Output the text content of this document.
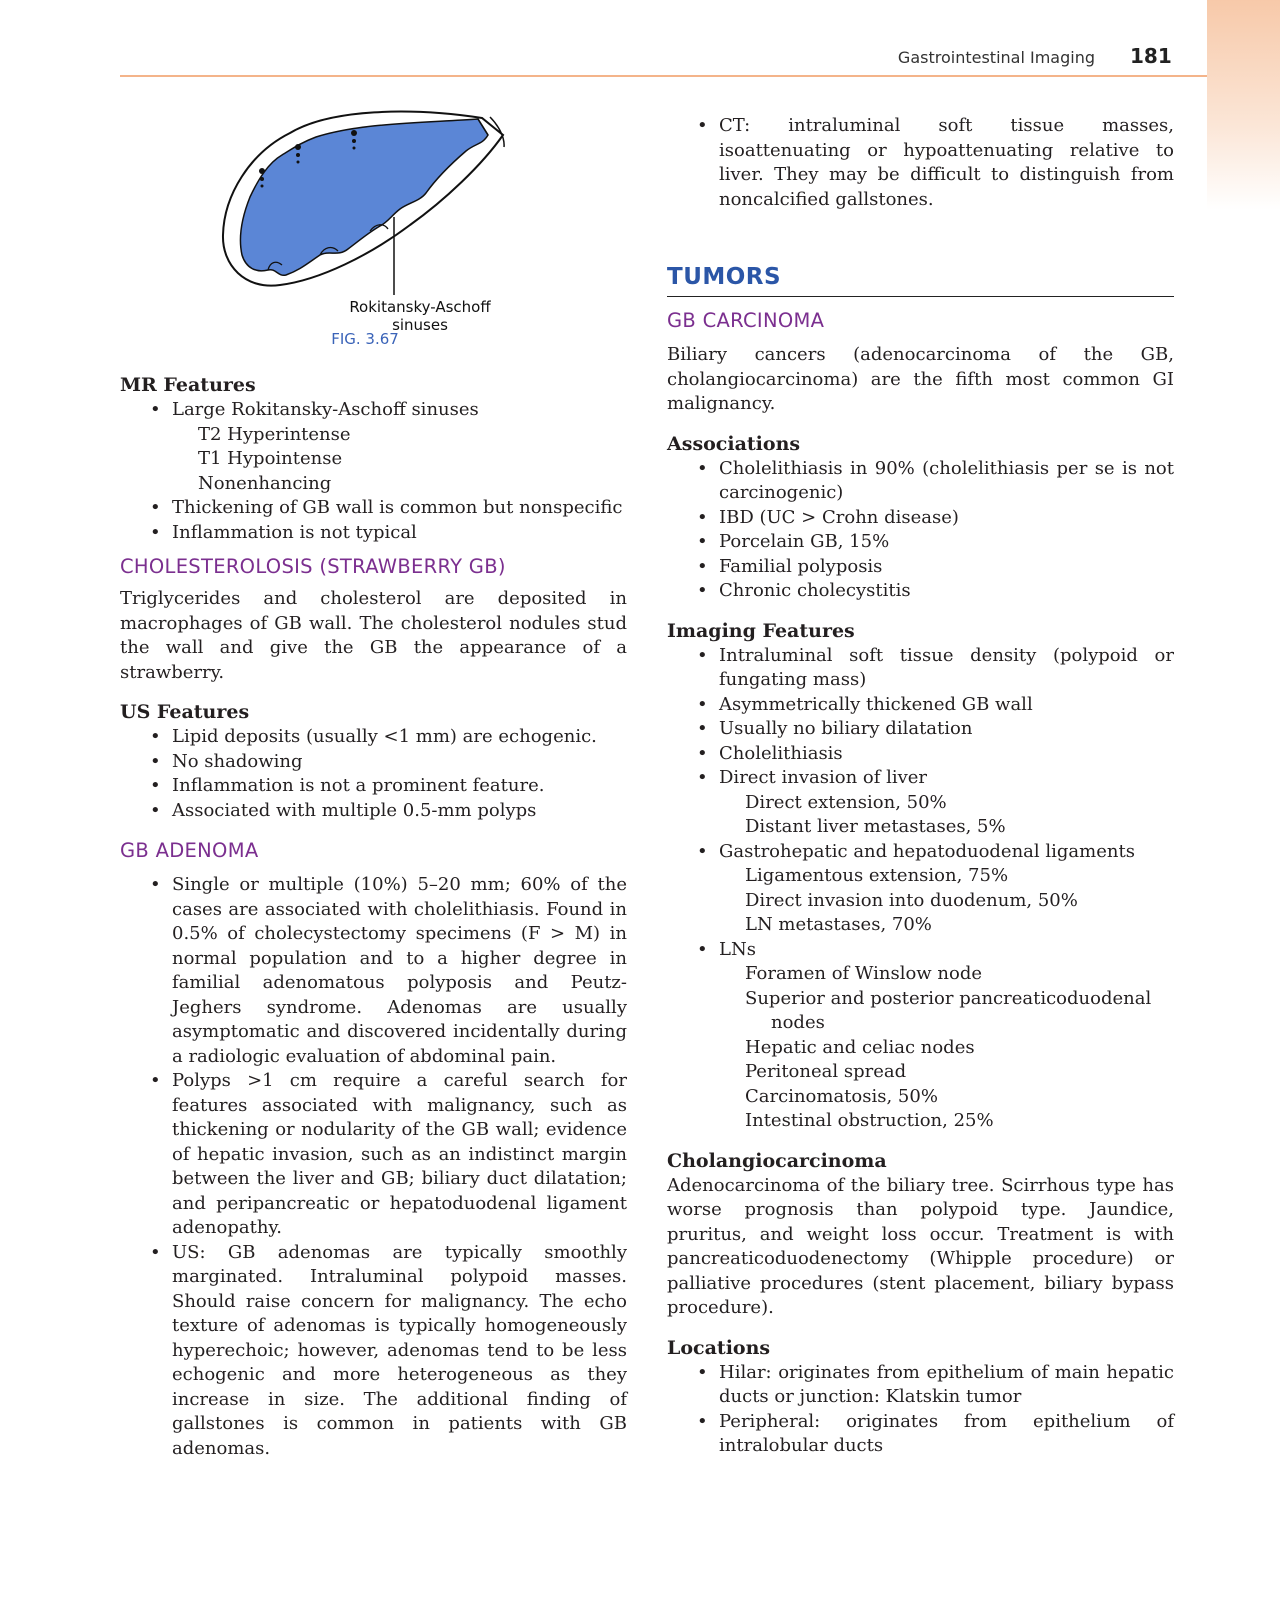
Gastrointestinal Imaging 181
Rokitansky-Aschoff sinuses
FIG. 3.67

MR Features

• Large Rokitansky-Aschoff sinuses
T2 Hyperintense
T1 Hypointense
Nonenhancing
• Thickening of GB wall is common but nonspecific
• Inflammation is not typical

CHOLESTEROLOSIS (STRAWBERRY GB)

Triglycerides and cholesterol are deposited in macrophages of GB wall. The cholesterol nodules stud the wall and give the GB the appearance of a strawberry.

US Features

• Lipid deposits (usually <1 mm) are echogenic.
• No shadowing
• Inflammation is not a prominent feature.
• Associated with multiple 0.5-mm polyps

GB ADENOMA

• Single or multiple (10%) 5–20 mm; 60% of the cases are associated with cholelithiasis. Found in 0.5% of cholecystectomy specimens (F > M) in normal population and to a higher degree in familial adenomatous polyposis and Peutz-Jeghers syndrome. Adenomas are usually asymptomatic and discovered incidentally during a radiologic evaluation of abdominal pain.
• Polyps >1 cm require a careful search for features associated with malignancy, such as thickening or nodularity of the GB wall; evidence of hepatic invasion, such as an indistinct margin between the liver and GB; biliary duct dilatation; and peripancreatic or hepatoduodenal ligament adenopathy.
• US: GB adenomas are typically smoothly marginated. Intraluminal polypoid masses. Should raise concern for malignancy. The echo texture of adenomas is typically homogeneously hyperechoic; however, adenomas tend to be less echogenic and more heterogeneous as they increase in size. The additional finding of gallstones is common in patients with GB adenomas.
• CT: intraluminal soft tissue masses, isoattenuating or hypoattenuating relative to liver. They may be difficult to distinguish from noncalcified gallstones.

TUMORS

GB CARCINOMA

Biliary cancers (adenocarcinoma of the GB, cholangiocarcinoma) are the fifth most common GI malignancy.

Associations

• Cholelithiasis in 90% (cholelithiasis per se is not carcinogenic)
• IBD (UC > Crohn disease)
• Porcelain GB, 15%
• Familial polyposis
• Chronic cholecystitis

Imaging Features

• Intraluminal soft tissue density (polypoid or fungating mass)
• Asymmetrically thickened GB wall
• Usually no biliary dilatation
• Cholelithiasis
• Direct invasion of liver
Direct extension, 50%
Distant liver metastases, 5%
• Gastrohepatic and hepatoduodenal ligaments
Ligamentous extension, 75%
Direct invasion into duodenum, 50%
LN metastases, 70%
• LNs
Foramen of Winslow node
Superior and posterior pancreaticoduodenal nodes
Hepatic and celiac nodes
Peritoneal spread
Carcinomatosis, 50%
Intestinal obstruction, 25%

Cholangiocarcinoma

Adenocarcinoma of the biliary tree. Scirrhous type has worse prognosis than polypoid type. Jaundice, pruritus, and weight loss occur. Treatment is with pancreaticoduodenectomy (Whipple procedure) or palliative procedures (stent placement, biliary bypass procedure).

Locations

• Hilar: originates from epithelium of main hepatic ducts or junction: Klatskin tumor
• Peripheral: originates from epithelium of intralobular ducts
